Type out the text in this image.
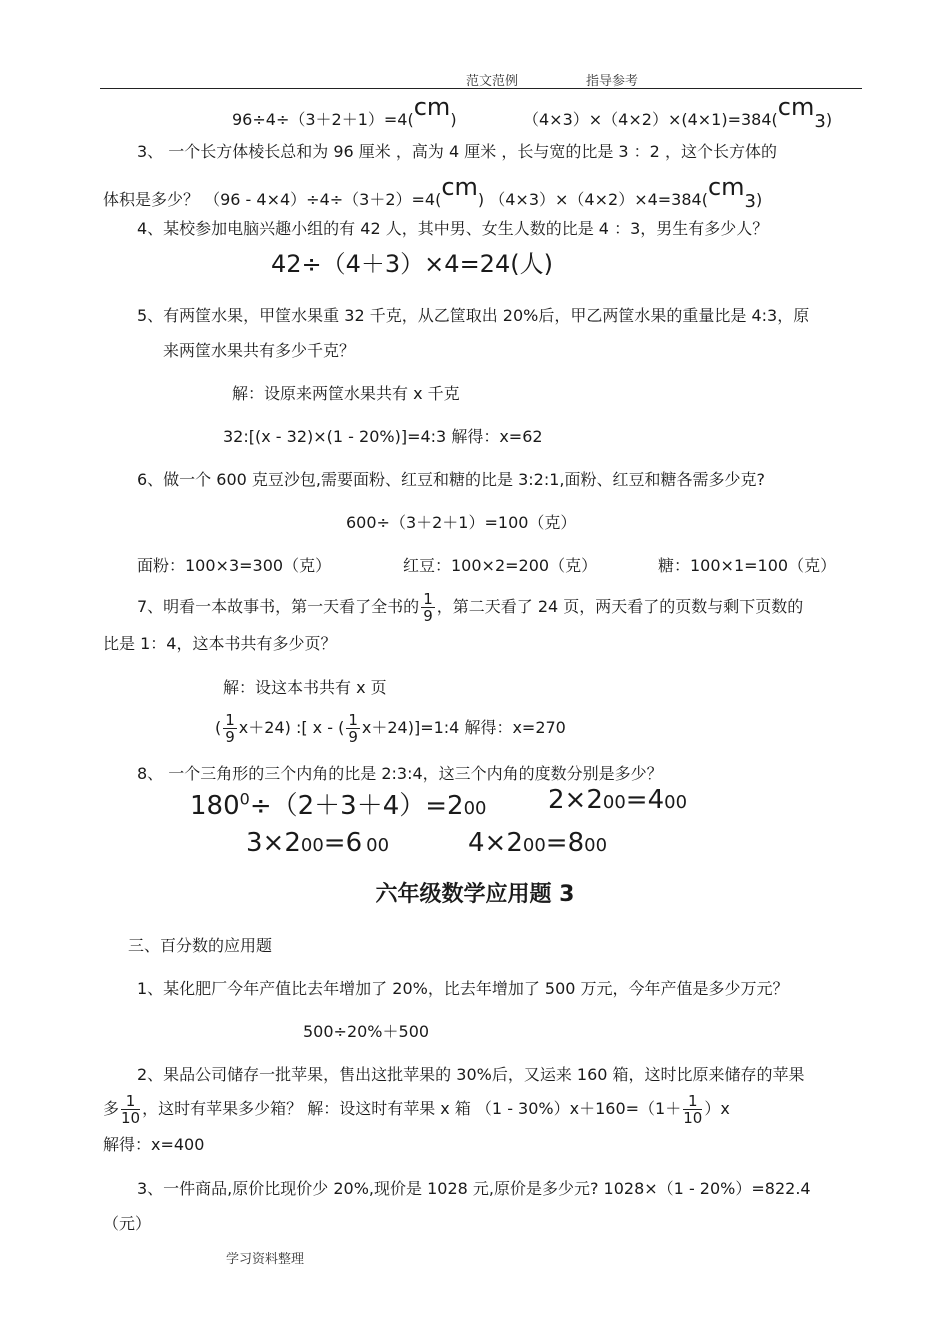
范文范例	指导参考
96÷4÷（3＋2＋1）=4($^{cm}$)	（4×3）×（4×2）×(4×1)=384($^{cm}_3$)
3、 一个长方体棱长总和为 96 厘米 ，高为 4 厘米 ，长与宽的比是 3 ：2 ，这个长方体的
体积是多少？ （96 - 4×4）÷4÷（3＋2）=4($^{cm}$) （4×3）×（4×2）×4=384($^{cm}_3$)
4、某校参加电脑兴趣小组的有 42 人，其中男、女生人数的比是 4 ：3，男生有多少人？
42÷（4＋3）×4=24(人)
5、有两筐水果，甲筐水果重 32 千克，从乙筐取出 20%后，甲乙两筐水果的重量比是 4:3，原
来两筐水果共有多少千克？
解：设原来两筐水果共有 x 千克
32:[(x - 32)×(1 - 20%)]=4:3 解得：x=62
6、做一个 600 克豆沙包,需要面粉、红豆和糖的比是 3:2:1,面粉、红豆和糖各需多少克?
600÷（3＋2＋1）=100（克）
面粉：100×3=300（克）	红豆：100×2=200（克）	糖：100×1=100（克）
7、明看一本故事书，第一天看了全书的 $\frac{1}{9}$ ，第二天看了 24 页，两天看了的页数与剩下页数的
比是 1：4，这本书共有多少页？
解：设这本书共有 x 页
( $\frac{1}{9} x+24$) :[ x - ( $\frac{1}{9}$ x＋24)]=1:4 解得：x=270
8、 一个三角形的三个内角的比是 2:3:4，这三个内角的度数分别是多少？
$180^0\div(2+3+4)=200$ 2×200=400
3×200=6 00	4×200=800
六年级数学应用题 3
三、百分数的应用题
1、某化肥厂今年产值比去年增加了 20%，比去年增加了 500 万元，今年产值是多少万元？
500÷20%＋500
2、果品公司储存一批苹果，售出这批苹果的 30%后，又运来 160 箱，这时比原来储存的苹果
多 $\frac{1}{10}$ ，这时有苹果多少箱？ 解：设这时有苹果 x 箱 $(1 - 30\%)x+160=(1+ \frac{1}{10} )x$
解得：x=400
3、一件商品,原价比现价少 20%,现价是 1028 元,原价是多少元? 1028×（1 - 20%）=822.4
（元）
学习资料整理
